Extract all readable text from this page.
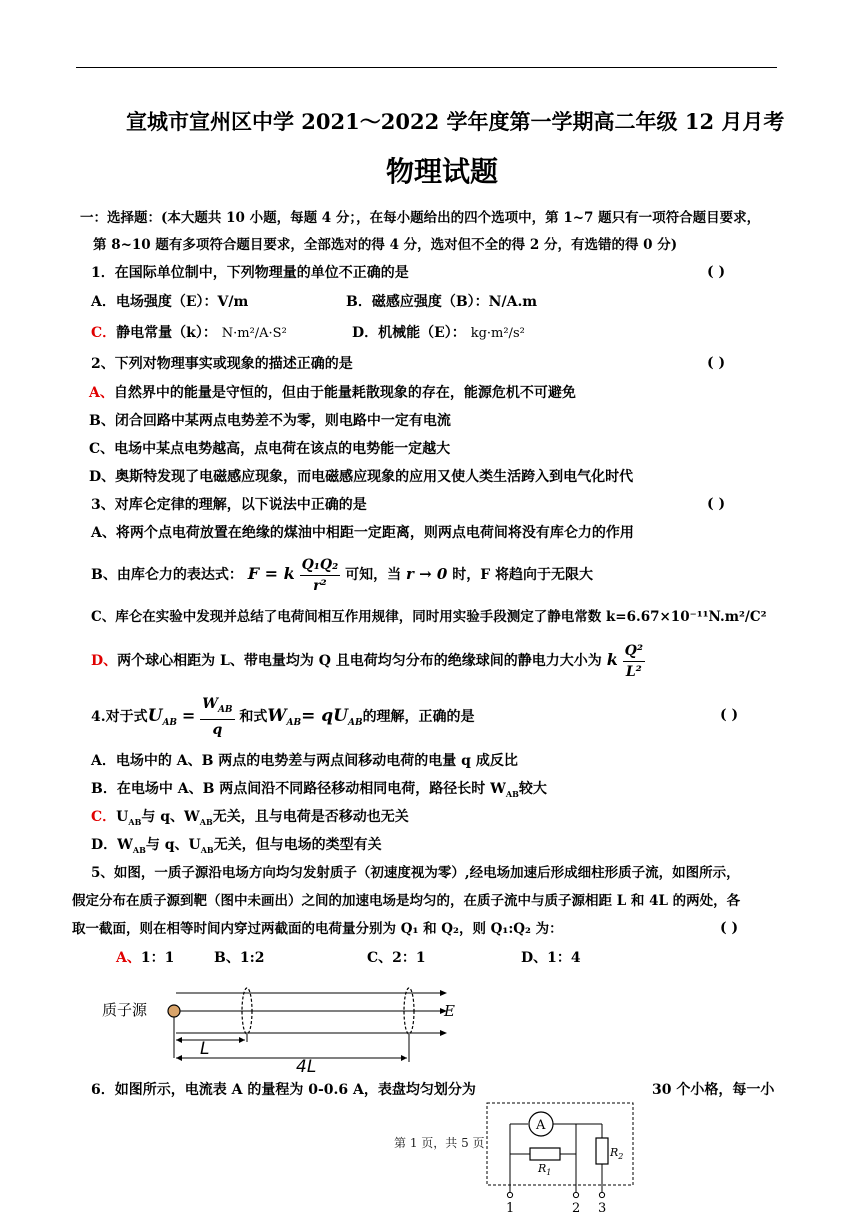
宣城市宣州区中学 2021～2022 学年度第一学期高二年级 12 月月考
物理试题
一：选择题：(本大题共 10 小题，每题 4 分；，在每小题给出的四个选项中，第 1~7 题只有一项符合题目要求，
第 8~10 题有多项符合题目要求，全部选对的得 4 分，选对但不全的得 2 分，有选错的得 0 分)
1．在国际单位制中，下列物理量的单位不正确的是	( )
A．电场强度（E）：V/m	B．磁感应强度（B）：N/A.m
C．静电常量（k）： N·m²/A·S²	D．机械能（E）： kg·m²/s²
2、下列对物理事实或现象的描述正确的是	( )
A、自然界中的能量是守恒的，但由于能量耗散现象的存在，能源危机不可避免
B、闭合回路中某两点电势差不为零，则电路中一定有电流
C、电场中某点电势越高，点电荷在该点的电势能一定越大
D、奥斯特发现了电磁感应现象，而电磁感应现象的应用又使人类生活跨入到电气化时代
3、对库仑定律的理解，以下说法中正确的是	( )
A、将两个点电荷放置在绝缘的煤油中相距一定距离，则两点电荷间将没有库仑力的作用
B、由库仑力的表达式： F = k $\frac{\text{Q₁Q₂}}{\text{r²}}$ 可知，当 r → 0 时，F 将趋向于无限大
C、库仑在实验中发现并总结了电荷间相互作用规律，同时用实验手段测定了静电常数 k=6.67×10⁻¹¹N.m²/C²
D、两个球心相距为 L、带电量均为 Q 且电荷均匀分布的绝缘球间的静电力大小为 k $\frac{\text{Q²}}{\text{L²}}$
4.对于式$U_{AB} = \frac{W_{AB}}{q}$ 和式$W_{AB}= qU_{AB}$的理解，正确的是	( )
A．电场中的 A、B 两点的电势差与两点间移动电荷的电量 q 成反比
B．在电场中 A、B 两点间沿不同路径移动相同电荷，路径长时 $W_{AB}$较大
C．$U_{AB}$与 q、$W_{AB}$无关，且与电荷是否移动也无关
D．$W_{AB}$与 q、$U_{AB}$无关，但与电场的类型有关
5、如图，一质子源沿电场方向均匀发射质子（初速度视为零）,经电场加速后形成细柱形质子流，如图所示，
假定分布在质子源到靶（图中未画出）之间的加速电场是均匀的，在质子流中与质子源相距 L 和 4L 的两处，各
取一截面，则在相等时间内穿过两截面的电荷量分别为 Q₁ 和 Q₂，则 Q₁:Q₂ 为：	( )
A、1：1	B、1:2	C、2：1	D、1：4
质子源	E
L
4L
6．如图所示，电流表 A 的量程为 0-0.6 A，表盘均匀划分为	30 个小格，每一小
A
$R_1$
$R_2$
1	2 3
第 1 页，共 5 页
